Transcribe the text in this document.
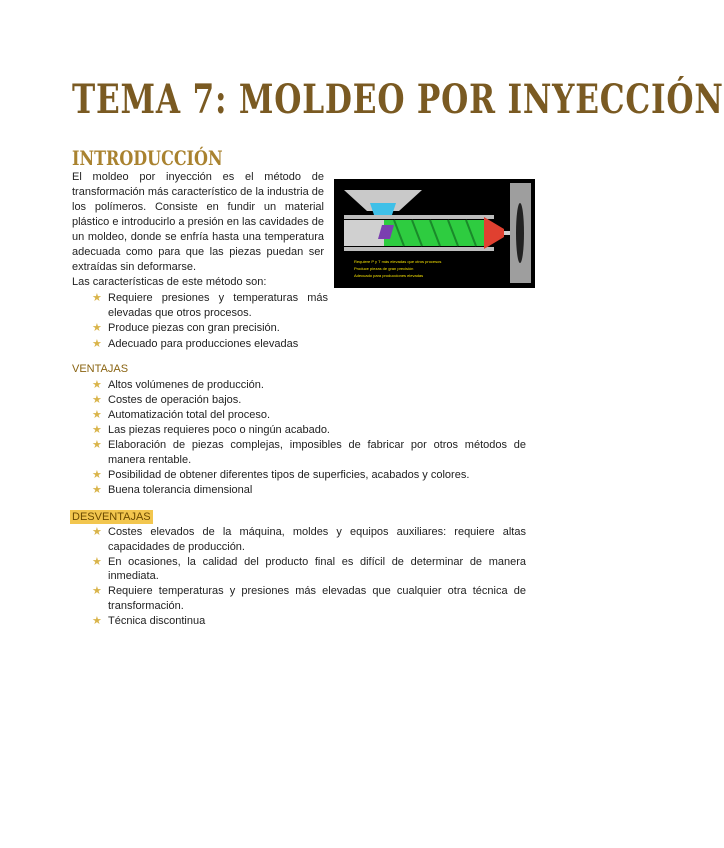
TEMA 7: MOLDEO POR INYECCIÓN
INTRODUCCIÓN

El moldeo por inyección es el método de transformación más característico de la industria de los polímeros. Consiste en fundir un material plástico e introducirlo a presión en las cavidades de un moldeo, donde se enfría hasta una temperatura adecuada como para que las piezas puedan ser extraídas sin deformarse.	Requiere P y T más elevadas que otros procesos
Produce piezas de gran precisión
Adecuado para producciones elevadas

Las características de este método son:

★ Requiere presiones y temperaturas más elevadas que otros procesos.
★ Produce piezas con gran precisión.
★ Adecuado para producciones elevadas

VENTAJAS

★ Altos volúmenes de producción.
★ Costes de operación bajos.
★ Automatización total del proceso.
★ Las piezas requieres poco o ningún acabado.
★ Elaboración de piezas complejas, imposibles de fabricar por otros métodos de manera rentable.
★ Posibilidad de obtener diferentes tipos de superficies, acabados y colores.
★ Buena tolerancia dimensional

DESVENTAJAS

★ Costes elevados de la máquina, moldes y equipos auxiliares: requiere altas capacidades de producción.
★ En ocasiones, la calidad del producto final es difícil de determinar de manera inmediata.
★ Requiere temperaturas y presiones más elevadas que cualquier otra técnica de transformación.
★ Técnica discontinua
